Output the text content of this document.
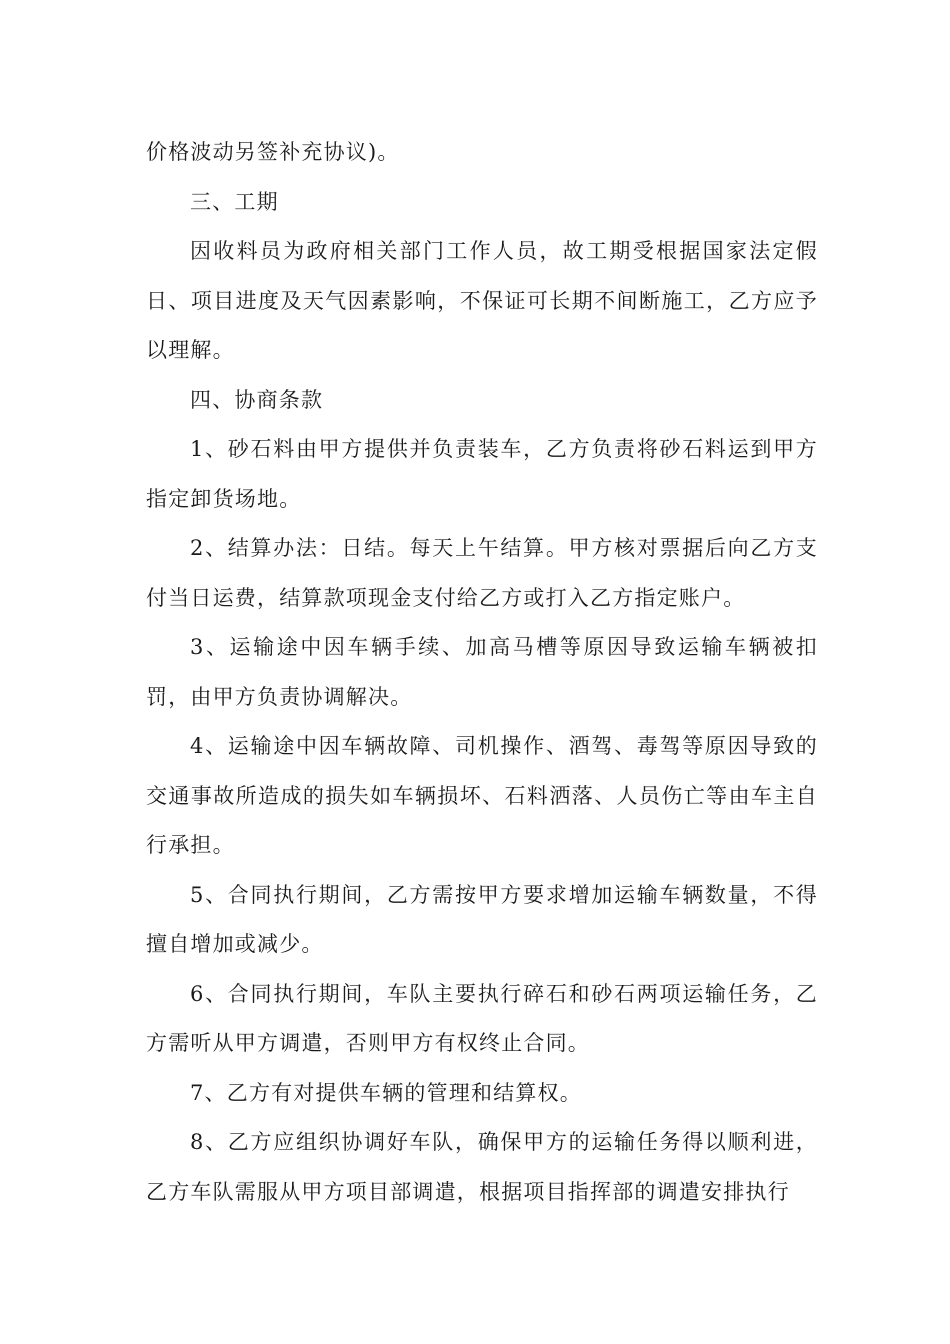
价格波动另签补充协议)。

三、工期

因收料员为政府相关部门工作人员，故工期受根据国家法定假日、项目进度及天气因素影响，不保证可长期不间断施工，乙方应予以理解。

四、协商条款

1、砂石料由甲方提供并负责装车，乙方负责将砂石料运到甲方指定卸货场地。

2、结算办法：日结。每天上午结算。甲方核对票据后向乙方支付当日运费，结算款项现金支付给乙方或打入乙方指定账户。

3、运输途中因车辆手续、加高马槽等原因导致运输车辆被扣罚，由甲方负责协调解决。

4、运输途中因车辆故障、司机操作、酒驾、毒驾等原因导致的交通事故所造成的损失如车辆损坏、石料洒落、人员伤亡等由车主自行承担。

5、合同执行期间，乙方需按甲方要求增加运输车辆数量，不得擅自增加或减少。

6、合同执行期间，车队主要执行碎石和砂石两项运输任务，乙方需听从甲方调遣，否则甲方有权终止合同。

7、乙方有对提供车辆的管理和结算权。

8、乙方应组织协调好车队，确保甲方的运输任务得以顺利进，乙方车队需服从甲方项目部调遣，根据项目指挥部的调遣安排执行
